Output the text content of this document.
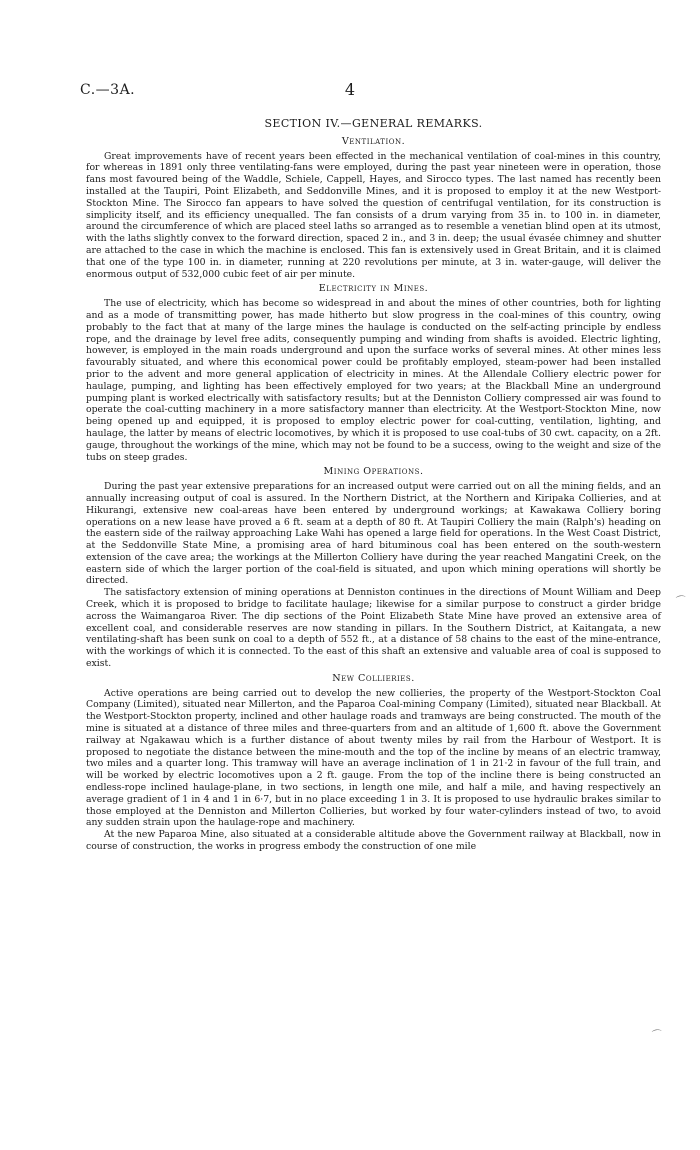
C.—3A.	4
SECTION IV.—GENERAL REMARKS.
Ventilation.

Great improvements have of recent years been effected in the mechanical ventilation of coal-mines in this country, for whereas in 1891 only three ventilating-fans were employed, during the past year nineteen were in operation, those fans most favoured being of the Waddle, Schiele, Cappell, Hayes, and Sirocco types. The last named has recently been installed at the Taupiri, Point Elizabeth, and Seddonville Mines, and it is proposed to employ it at the new Westport-Stockton Mine. The Sirocco fan appears to have solved the question of centrifugal ventilation, for its construction is simplicity itself, and its efficiency unequalled. The fan consists of a drum varying from 35 in. to 100 in. in diameter, around the circumference of which are placed steel laths so arranged as to resemble a venetian blind open at its utmost, with the laths slightly convex to the forward direction, spaced 2 in., and 3 in. deep; the usual évasée chimney and shutter are attached to the case in which the machine is enclosed. This fan is extensively used in Great Britain, and it is claimed that one of the type 100 in. in diameter, running at 220 revolutions per minute, at 3 in. water-gauge, will deliver the enormous output of 532,000 cubic feet of air per minute.

Electricity in Mines.

The use of electricity, which has become so widespread in and about the mines of other countries, both for lighting and as a mode of transmitting power, has made hitherto but slow progress in the coal-mines of this country, owing probably to the fact that at many of the large mines the haulage is conducted on the self-acting principle by endless rope, and the drainage by level free adits, consequently pumping and winding from shafts is avoided. Electric lighting, however, is employed in the main roads underground and upon the surface works of several mines. At other mines less favourably situated, and where this economical power could be profitably employed, steam-power had been installed prior to the advent and more general application of electricity in mines. At the Allendale Colliery electric power for haulage, pumping, and lighting has been effectively employed for two years; at the Blackball Mine an underground pumping plant is worked electrically with satisfactory results; but at the Denniston Colliery compressed air was found to operate the coal-cutting machinery in a more satisfactory manner than electricity. At the Westport-Stockton Mine, now being opened up and equipped, it is proposed to employ electric power for coal-cutting, ventilation, lighting, and haulage, the latter by means of electric locomotives, by which it is proposed to use coal-tubs of 30 cwt. capacity, on a 2ft. gauge, throughout the workings of the mine, which may not be found to be a success, owing to the weight and size of the tubs on steep grades.

Mining Operations.

During the past year extensive preparations for an increased output were carried out on all the mining fields, and an annually increasing output of coal is assured. In the Northern District, at the Northern and Kiripaka Collieries, and at Hikurangi, extensive new coal-areas have been entered by underground workings; at Kawakawa Colliery boring operations on a new lease have proved a 6 ft. seam at a depth of 80 ft. At Taupiri Colliery the main (Ralph's) heading on the eastern side of the railway approaching Lake Wahi has opened a large field for operations. In the West Coast District, at the Seddonville State Mine, a promising area of hard bituminous coal has been entered on the south-western extension of the cave area; the workings at the Millerton Colliery have during the year reached Mangatini Creek, on the eastern side of which the larger portion of the coal-field is situated, and upon which mining operations will shortly be directed.

The satisfactory extension of mining operations at Denniston continues in the directions of Mount William and Deep Creek, which it is proposed to bridge to facilitate haulage; likewise for a similar purpose to construct a girder bridge across the Waimangaroa River. The dip sections of the Point Elizabeth State Mine have proved an extensive area of excellent coal, and considerable reserves are now standing in pillars. In the Southern District, at Kaitangata, a new ventilating-shaft has been sunk on coal to a depth of 552 ft., at a distance of 58 chains to the east of the mine-entrance, with the workings of which it is connected. To the east of this shaft an extensive and valuable area of coal is supposed to exist.

New Collieries.

Active operations are being carried out to develop the new collieries, the property of the Westport-Stockton Coal Company (Limited), situated near Millerton, and the Paparoa Coal-mining Company (Limited), situated near Blackball. At the Westport-Stockton property, inclined and other haulage roads and tramways are being constructed. The mouth of the mine is situated at a distance of three miles and three-quarters from and an altitude of 1,600 ft. above the Government railway at Ngakawau which is a further distance of about twenty miles by rail from the Harbour of Westport. It is proposed to negotiate the distance between the mine-mouth and the top of the incline by means of an electric tramway, two miles and a quarter long. This tramway will have an average inclination of 1 in 21·2 in favour of the full train, and will be worked by electric locomotives upon a 2 ft. gauge. From the top of the incline there is being constructed an endless-rope inclined haulage-plane, in two sections, in length one mile, and half a mile, and having respectively an average gradient of 1 in 4 and 1 in 6·7, but in no place exceeding 1 in 3. It is proposed to use hydraulic brakes similar to those employed at the Denniston and Millerton Collieries, but worked by four water-cylinders instead of two, to avoid any sudden strain upon the haulage-rope and machinery.

At the new Paparoa Mine, also situated at a considerable altitude above the Government railway at Blackball, now in course of construction, the works in progress embody the construction of one mile

⌒
⌒
